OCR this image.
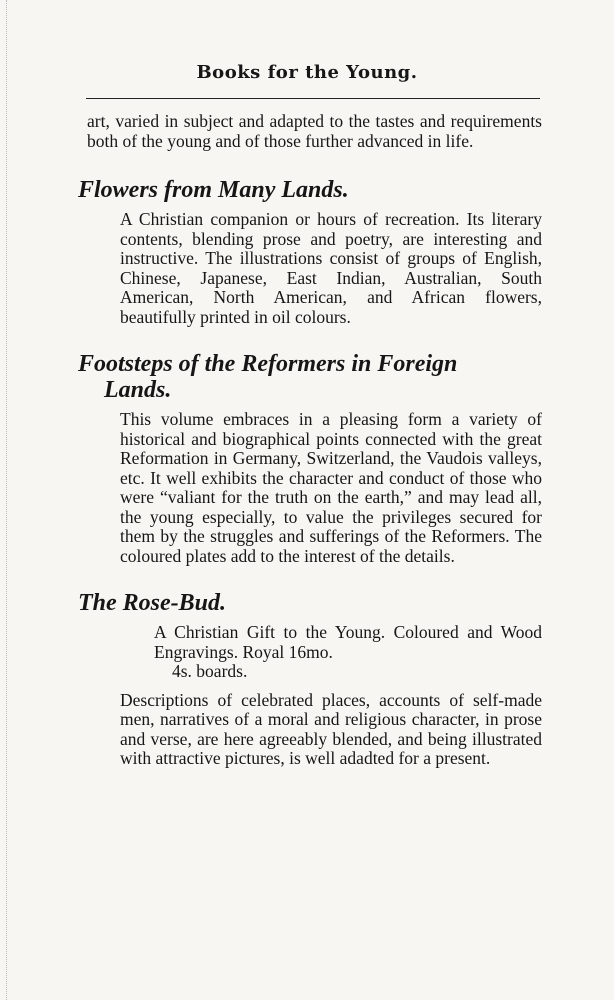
Books for the Young.

art, varied in subject and adapted to the tastes and requirements both of the young and of those further advanced in life.

Flowers from Many Lands.

A Christian companion or hours of recreation. Its literary contents, blending prose and poetry, are interesting and instructive. The illustrations consist of groups of English, Chinese, Japanese, East Indian, Australian, South American, North American, and African flowers, beautifully printed in oil colours.

Footsteps of the Reformers in Foreign
Lands.

This volume embraces in a pleasing form a variety of historical and biographical points connected with the great Reformation in Germany, Switzerland, the Vaudois valleys, etc. It well exhibits the character and conduct of those who were “valiant for the truth on the earth,” and may lead all, the young especially, to value the privileges secured for them by the struggles and sufferings of the Reformers. The coloured plates add to the interest of the details.

The Rose-Bud.

A Christian Gift to the Young. Coloured and Wood Engravings. Royal 16mo.
4s. boards.

Descriptions of celebrated places, accounts of self-made men, narratives of a moral and religious character, in prose and verse, are here agreeably blended, and being illustrated with attractive pictures, is well adadted for a present.
